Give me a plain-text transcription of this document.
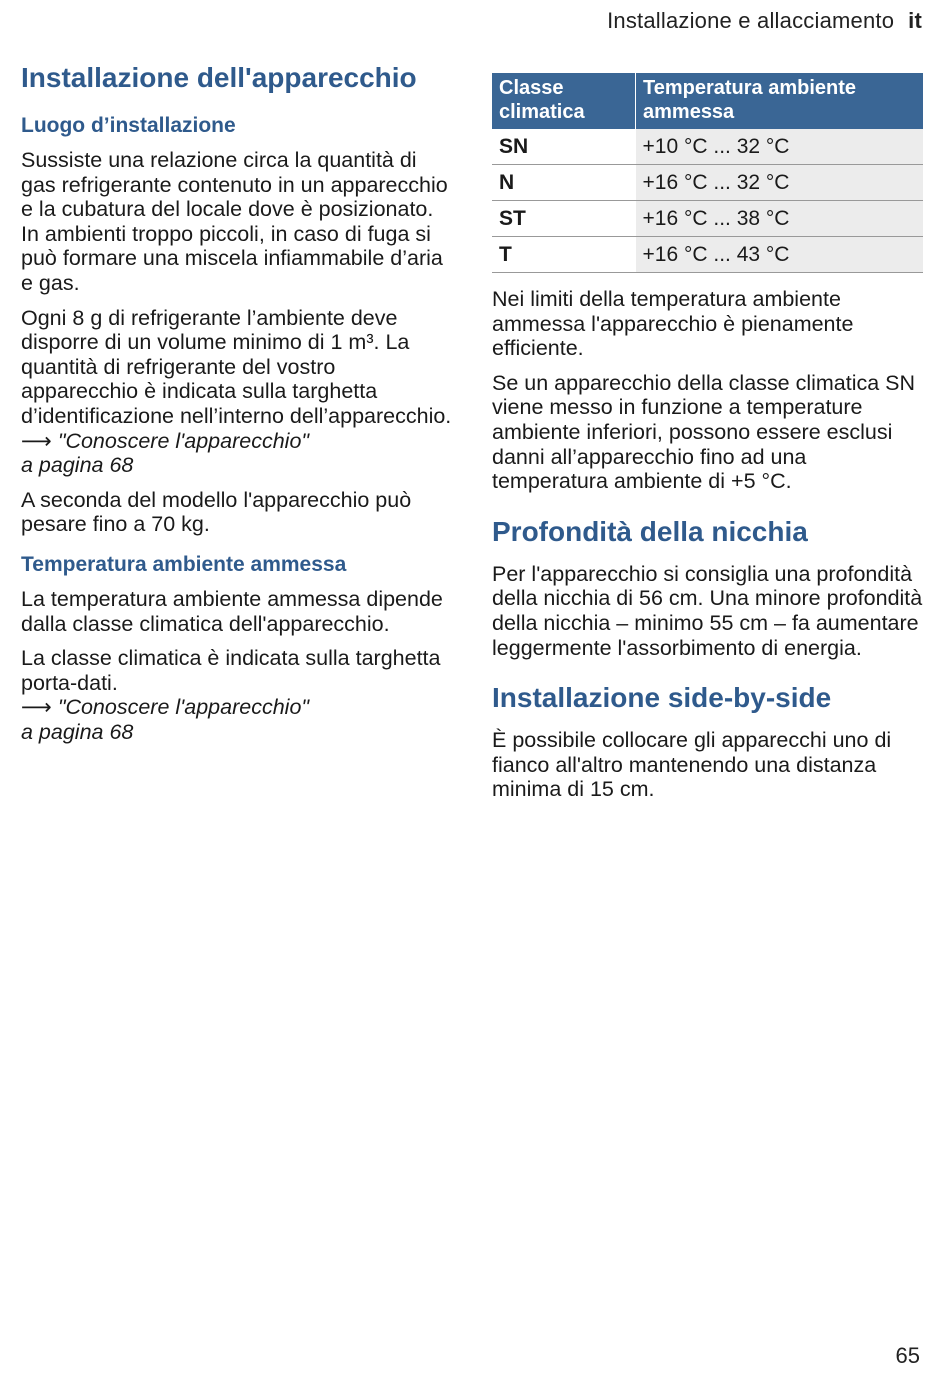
Installazione e allacciamento it
Installazione dell'apparecchio
Luogo d’installazione

Sussiste una relazione circa la quantità di gas refrigerante contenuto in un apparecchio e la cubatura del locale dove è posizionato. In ambienti troppo piccoli, in caso di fuga si può formare una miscela infiammabile d’aria e gas.

Ogni 8 g di refrigerante l’ambiente deve disporre di un volume minimo di 1 m³. La quantità di refrigerante del vostro apparecchio è indicata sulla targhetta d’identificazione nell’interno dell’apparecchio.
⟶ "Conoscere l'apparecchio"
a pagina 68

A seconda del modello l'apparecchio può pesare fino a 70 kg.

Temperatura ambiente ammessa

La temperatura ambiente ammessa dipende dalla classe climatica dell'apparecchio.

La classe climatica è indicata sulla targhetta porta-dati.
⟶ "Conoscere l'apparecchio"
a pagina 68

Classe
climatica	Temperatura ambiente
ammessa
SN	+10 °C ... 32 °C
N	+16 °C ... 32 °C
ST	+16 °C ... 38 °C
T	+16 °C ... 43 °C

Nei limiti della temperatura ambiente ammessa l'apparecchio è pienamente efficiente.

Se un apparecchio della classe climatica SN viene messo in funzione a temperature ambiente inferiori, possono essere esclusi danni all’apparecchio fino ad una temperatura ambiente di +5 °C.

Profondità della nicchia

Per l'apparecchio si consiglia una profondità della nicchia di 56 cm. Una minore profondità della nicchia – minimo 55 cm – fa aumentare leggermente l'assorbimento di energia.

Installazione side-by-side

È possibile collocare gli apparecchi uno di fianco all'altro mantenendo una distanza minima di 15 cm.

65
